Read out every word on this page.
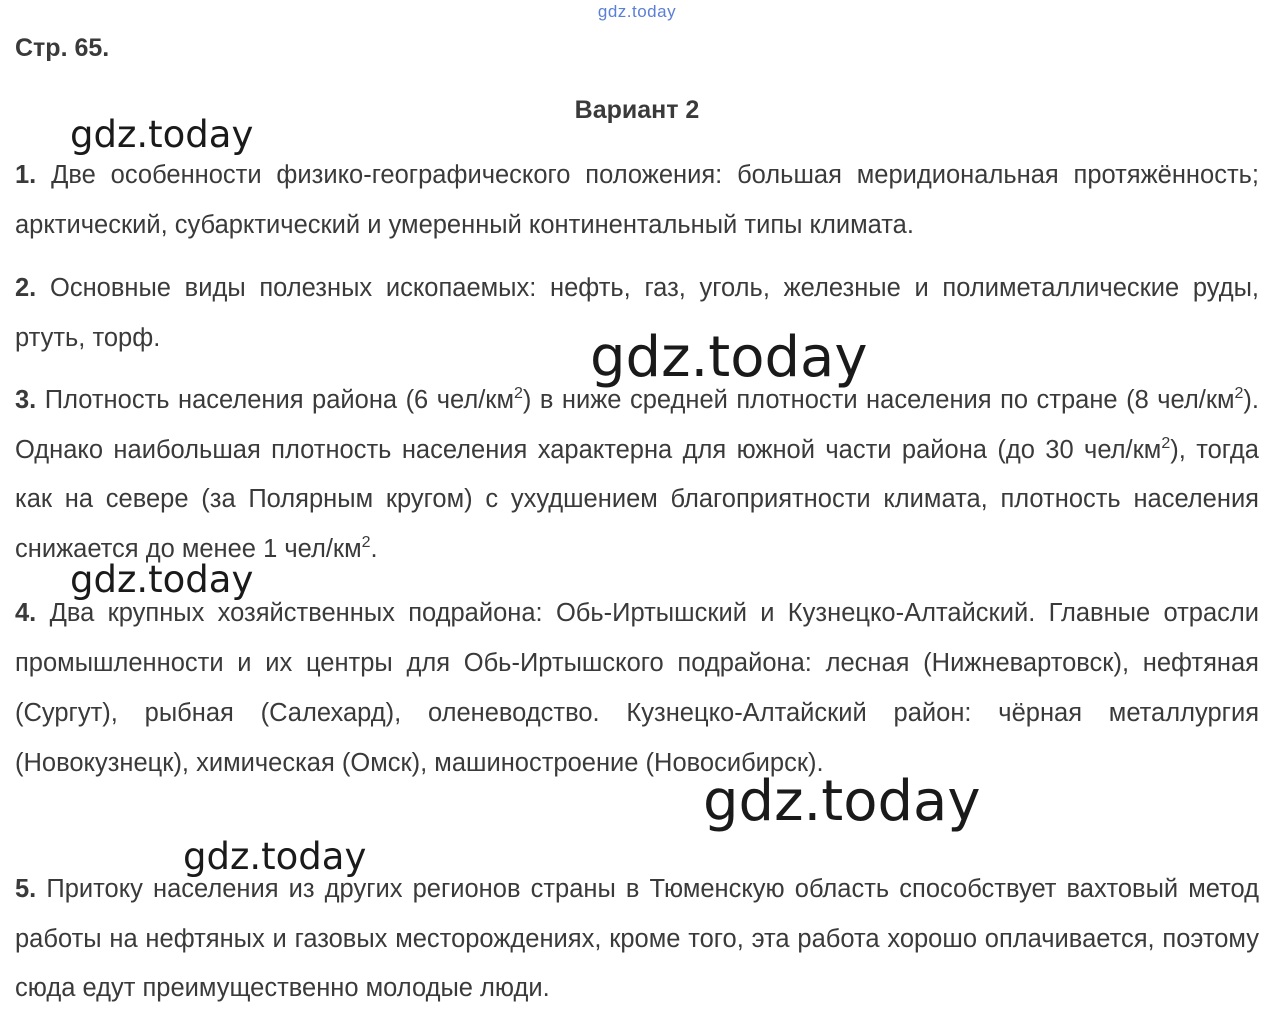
gdz.today
Стр. 65.
Вариант 2
1. Две особенности физико-географического положения: большая меридиональная протяжённость; арктический, субарктический и умеренный континентальный типы климата.
2. Основные виды полезных ископаемых: нефть, газ, уголь, железные и полиметаллические руды, ртуть, торф.
3. Плотность населения района (6 чел/$км^2$) в ниже средней плотности населения по стране (8 чел/$км^2$). Однако наибольшая плотность населения характерна для южной части района (до 30 чел/$км^2$), тогда как на севере (за Полярным кругом) с ухудшением благоприятности климата, плотность населения снижается до менее 1 чел/$км^2$.
4. Два крупных хозяйственных подрайона: Обь-Иртышский и Кузнецко-Алтайский. Главные отрасли промышленности и их центры для Обь-Иртышского подрайона: лесная (Нижневартовск), нефтяная (Сургут), рыбная (Салехард), оленеводство. Кузнецко-Алтайский район: чёрная металлургия (Новокузнецк), химическая (Омск), машиностроение (Новосибирск).
5. Притоку населения из других регионов страны в Тюменскую область способствует вахтовый метод работы на нефтяных и газовых месторождениях, кроме того, эта работа хорошо оплачивается, поэтому сюда едут преимущественно молодые люди.
gdz.today
gdz.today
gdz.today
gdz.today
gdz.today
